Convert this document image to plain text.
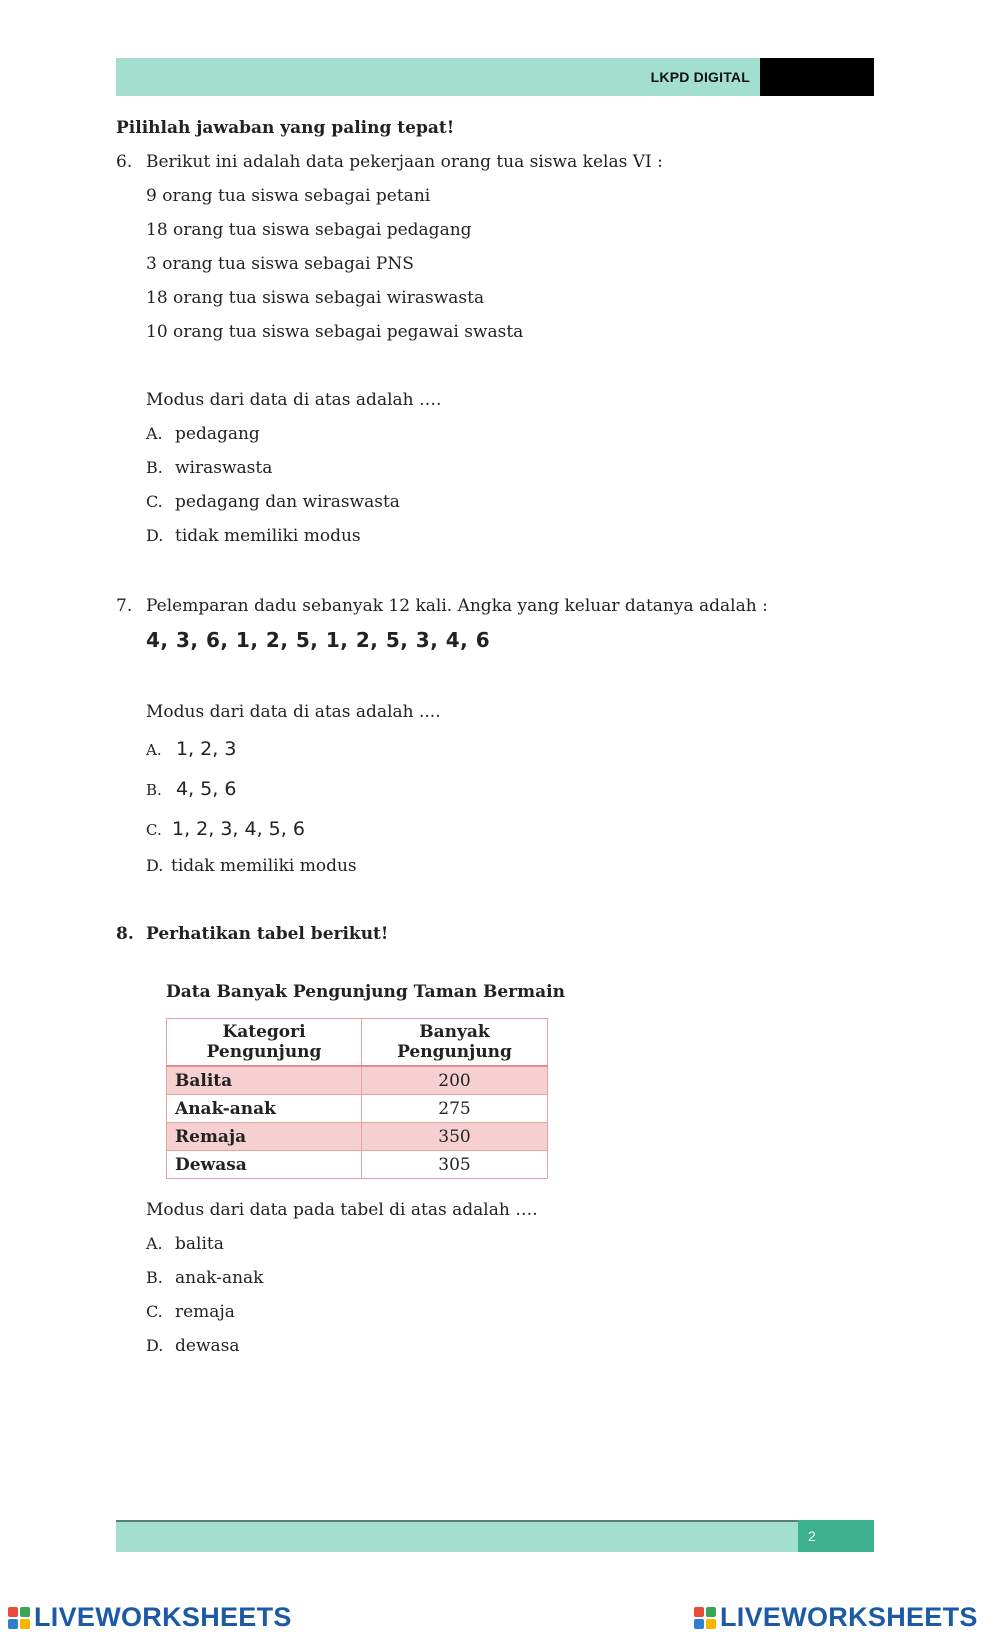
LKPD DIGITAL
Pilihlah jawaban yang paling tepat!
6. Berikut ini adalah data pekerjaan orang tua siswa kelas VI :
9 orang tua siswa sebagai petani
18 orang tua siswa sebagai pedagang
3 orang tua siswa sebagai PNS
18 orang tua siswa sebagai wiraswasta
10 orang tua siswa sebagai pegawai swasta
Modus dari data di atas adalah ….
A. pedagang
B. wiraswasta
C. pedagang dan wiraswasta
D. tidak memiliki modus
7. Pelemparan dadu sebanyak 12 kali. Angka yang keluar datanya adalah :
4, 3, 6, 1, 2, 5, 1, 2, 5, 3, 4, 6
Modus dari data di atas adalah ....
A. 1, 2, 3
B. 4, 5, 6
C. 1, 2, 3, 4, 5, 6
D. tidak memiliki modus
8. Perhatikan tabel berikut!
Data Banyak Pengunjung Taman Bermain
Kategori Pengunjung	Banyak Pengunjung
Balita	200
Anak-anak	275
Remaja	350
Dewasa	305
Modus dari data pada tabel di atas adalah ….
A. balita
B. anak-anak
C. remaja
D. dewasa
2
LIVEWORKSHEETS	LIVEWORKSHEETS
